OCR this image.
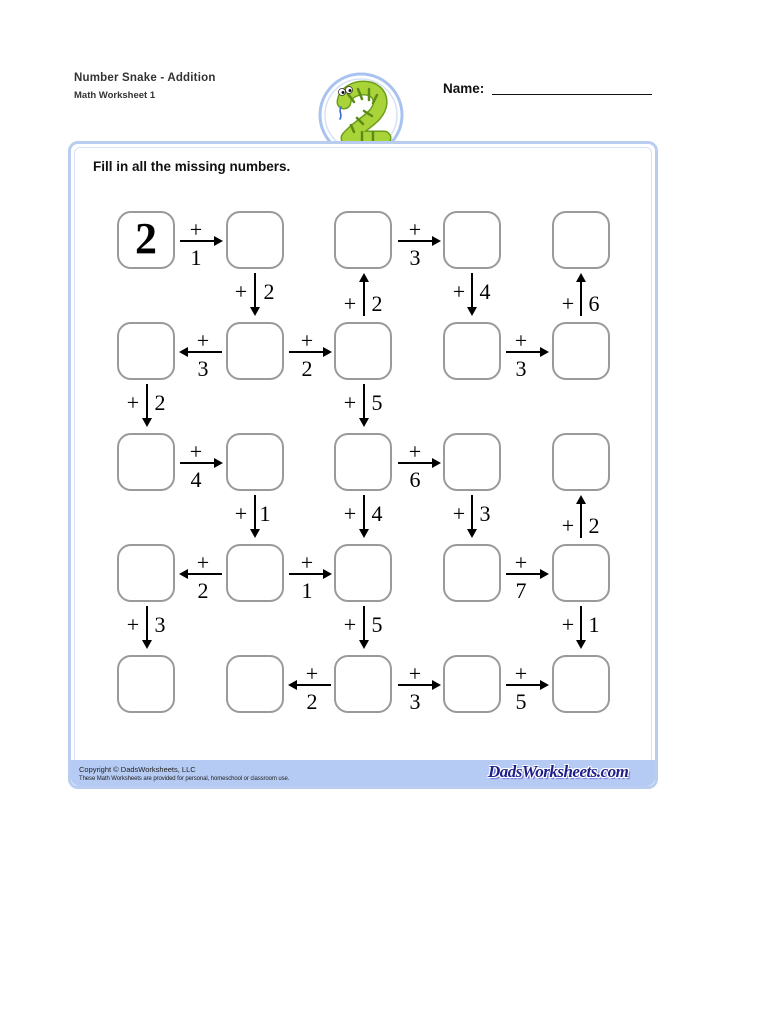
Number Snake - Addition
Math Worksheet 1	Name:
Fill in all the missing numbers.
2	+
1
+
3
+
3
+
2
+
3
+
4
+
6
+
2
+
1
+
7
+
2
+
3
+
5
+ 2	+ 2	+ 4	+ 6
+ 2	+ 5
+ 1	+ 4	+ 3	+ 2
+ 3	+ 5	+ 1
Copyright © DadsWorksheets, LLC
These Math Worksheets are provided for personal, homeschool or classroom use.	DadsWorksheets.com
